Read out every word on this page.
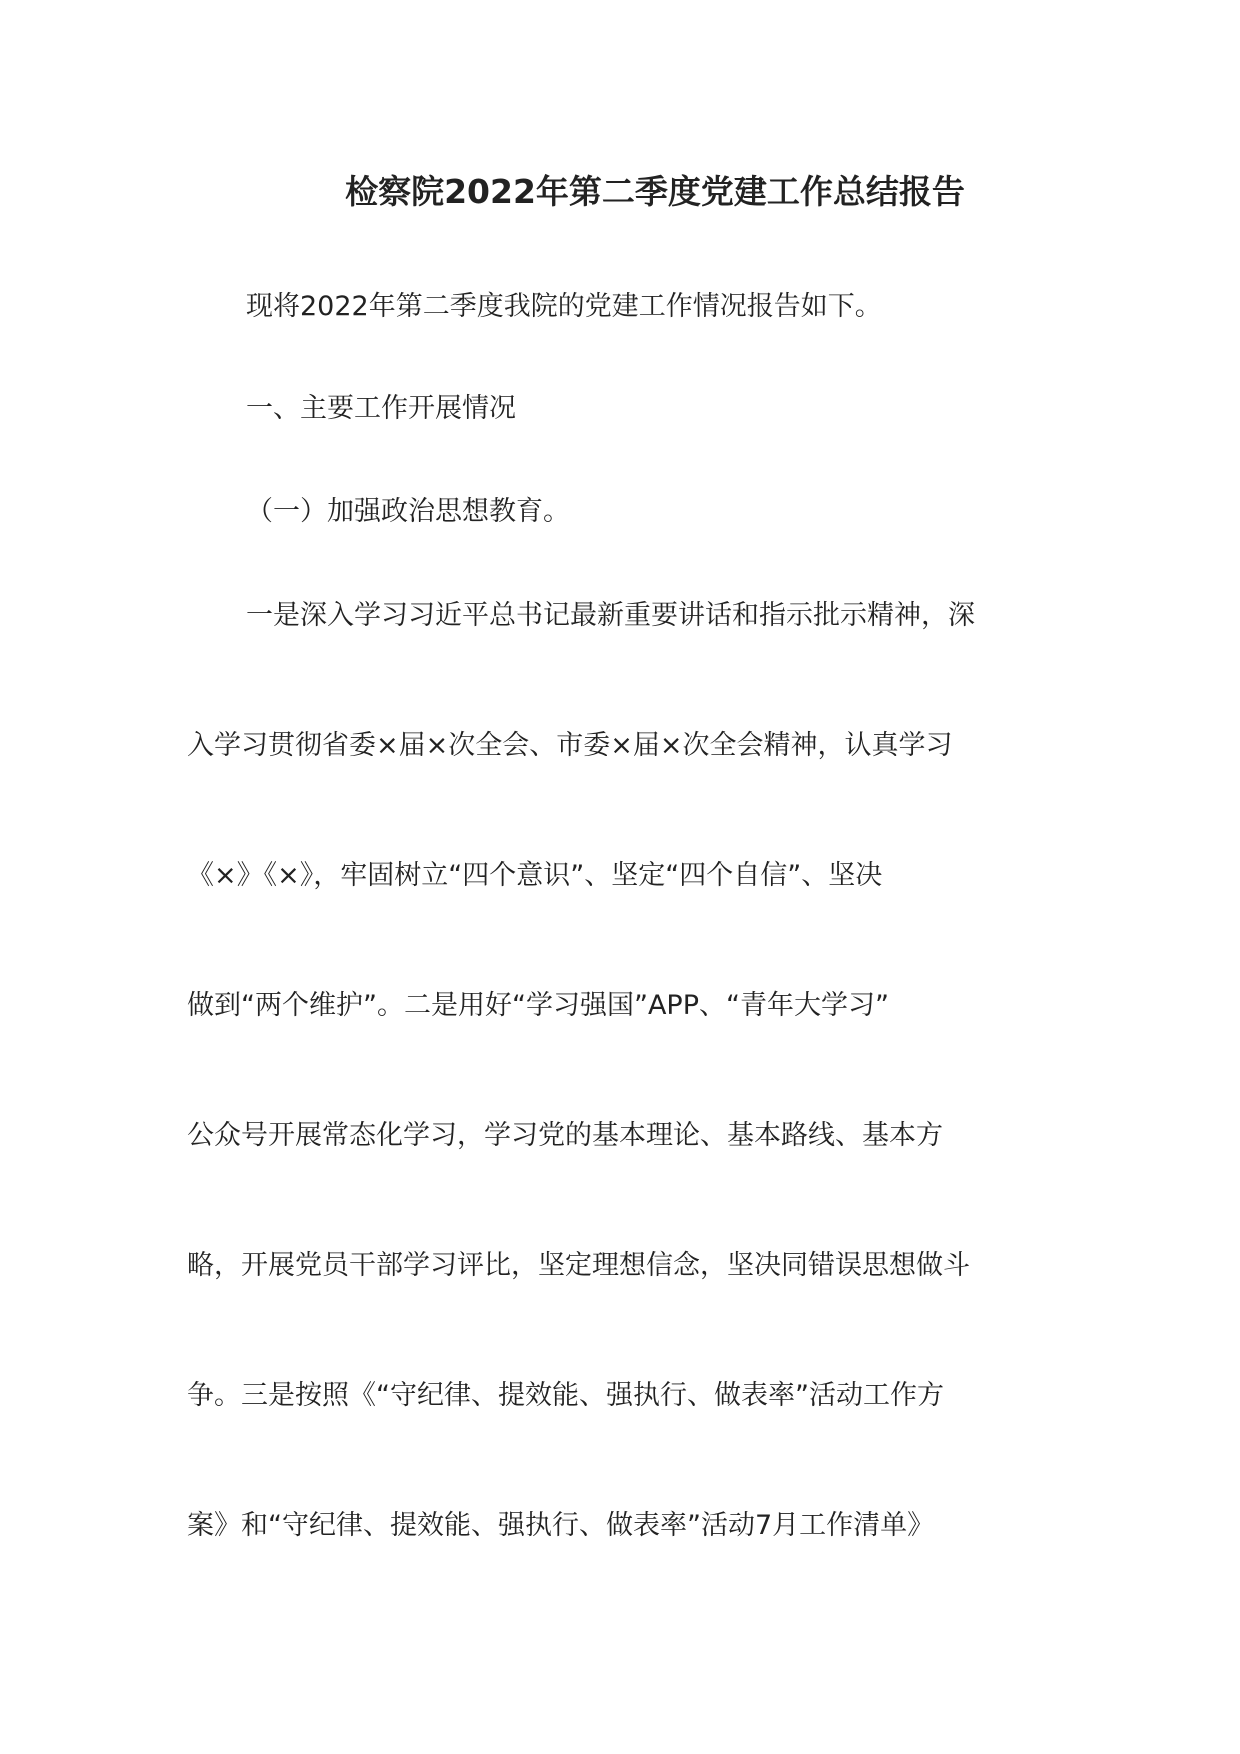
检察院2022年第二季度党建工作总结报告
现将2022年第二季度我院的党建工作情况报告如下。
一、主要工作开展情况
（一）加强政治思想教育。
一是深入学习习近平总书记最新重要讲话和指示批示精神，深
入学习贯彻省委×届×次全会、市委×届×次全会精神，认真学习
《×》《×》，牢固树立“四个意识”、坚定“四个自信”、坚决
做到“两个维护”。二是用好“学习强国”APP、“青年大学习”
公众号开展常态化学习，学习党的基本理论、基本路线、基本方
略，开展党员干部学习评比，坚定理想信念，坚决同错误思想做斗
争。三是按照《“守纪律、提效能、强执行、做表率”活动工作方
案》和“守纪律、提效能、强执行、做表率”活动7月工作清单》
